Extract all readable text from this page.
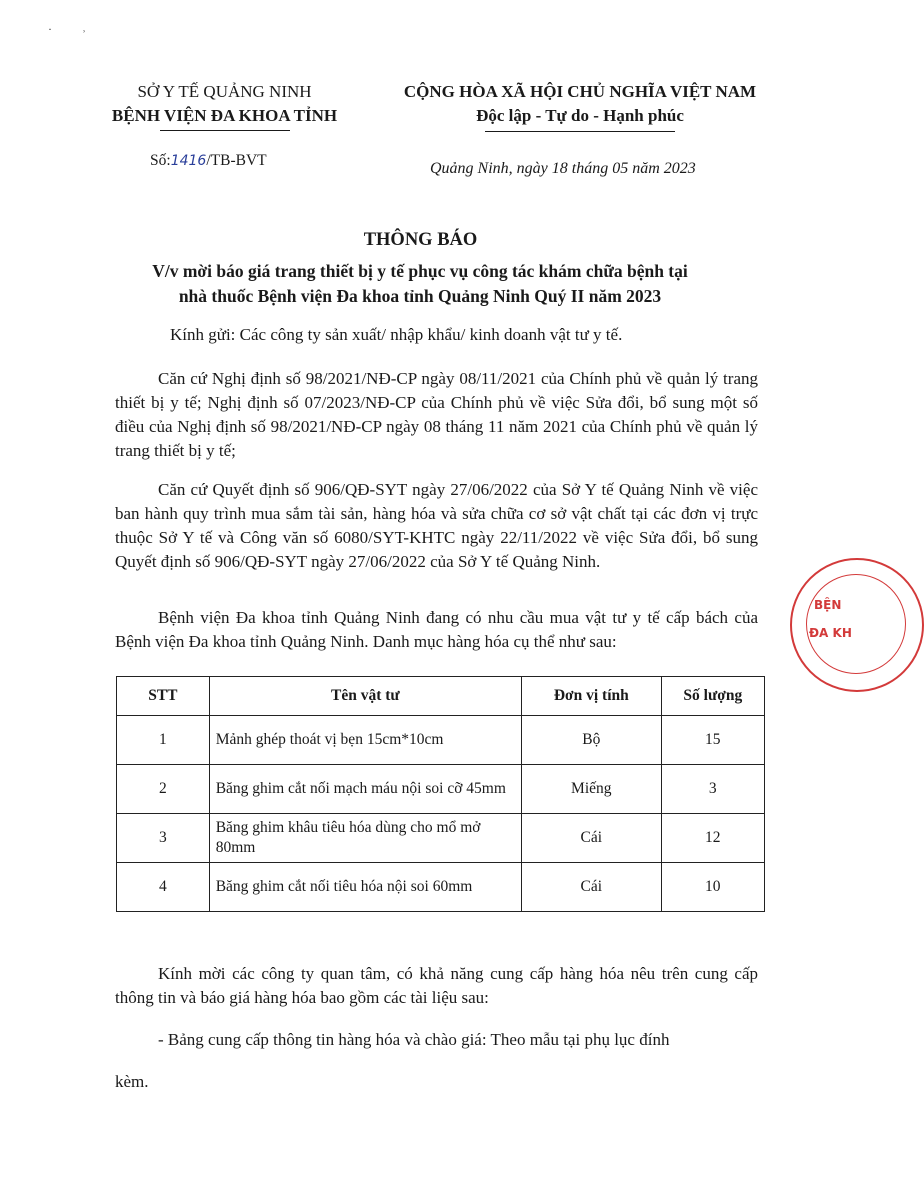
·˒
SỞ Y TẾ QUẢNG NINH
BỆNH VIỆN ĐA KHOA TỈNH
CỘNG HÒA XÃ HỘI CHỦ NGHĨA VIỆT NAM
Độc lập - Tự do - Hạnh phúc
Số:1416/TB-BVT	Quảng Ninh, ngày 18 tháng 05 năm 2023
THÔNG BÁO
V/v mời báo giá trang thiết bị y tế phục vụ công tác khám chữa bệnh tại
nhà thuốc Bệnh viện Đa khoa tỉnh Quảng Ninh Quý II năm 2023
Kính gửi: Các công ty sản xuất/ nhập khẩu/ kinh doanh vật tư y tế.
Căn cứ Nghị định số 98/2021/NĐ-CP ngày 08/11/2021 của Chính phủ về quản lý trang thiết bị y tế; Nghị định số 07/2023/NĐ-CP của Chính phủ về việc Sửa đổi, bổ sung một số điều của Nghị định số 98/2021/NĐ-CP ngày 08 tháng 11 năm 2021 của Chính phủ về quản lý trang thiết bị y tế;
Căn cứ Quyết định số 906/QĐ-SYT ngày 27/06/2022 của Sở Y tế Quảng Ninh về việc ban hành quy trình mua sắm tài sản, hàng hóa và sửa chữa cơ sở vật chất tại các đơn vị trực thuộc Sở Y tế và Công văn số 6080/SYT-KHTC ngày 22/11/2022 về việc Sửa đổi, bổ sung Quyết định số 906/QĐ-SYT ngày 27/06/2022 của Sở Y tế Quảng Ninh.
Bệnh viện Đa khoa tỉnh Quảng Ninh đang có nhu cầu mua vật tư y tế cấp bách của Bệnh viện Đa khoa tỉnh Quảng Ninh. Danh mục hàng hóa cụ thể như sau:
STT	Tên vật tư	Đơn vị tính	Số lượng
1	Mảnh ghép thoát vị bẹn 15cm*10cm	Bộ	15
2	Băng ghim cắt nối mạch máu nội soi cỡ 45mm	Miếng	3
3	Băng ghim khâu tiêu hóa dùng cho mổ mở 80mm	Cái	12
4	Băng ghim cắt nối tiêu hóa nội soi 60mm	Cái	10
Kính mời các công ty quan tâm, có khả năng cung cấp hàng hóa nêu trên cung cấp thông tin và báo giá hàng hóa bao gồm các tài liệu sau:
- Bảng cung cấp thông tin hàng hóa và chào giá: Theo mẫu tại phụ lục đính
kèm.
BỆN
ĐA KH
